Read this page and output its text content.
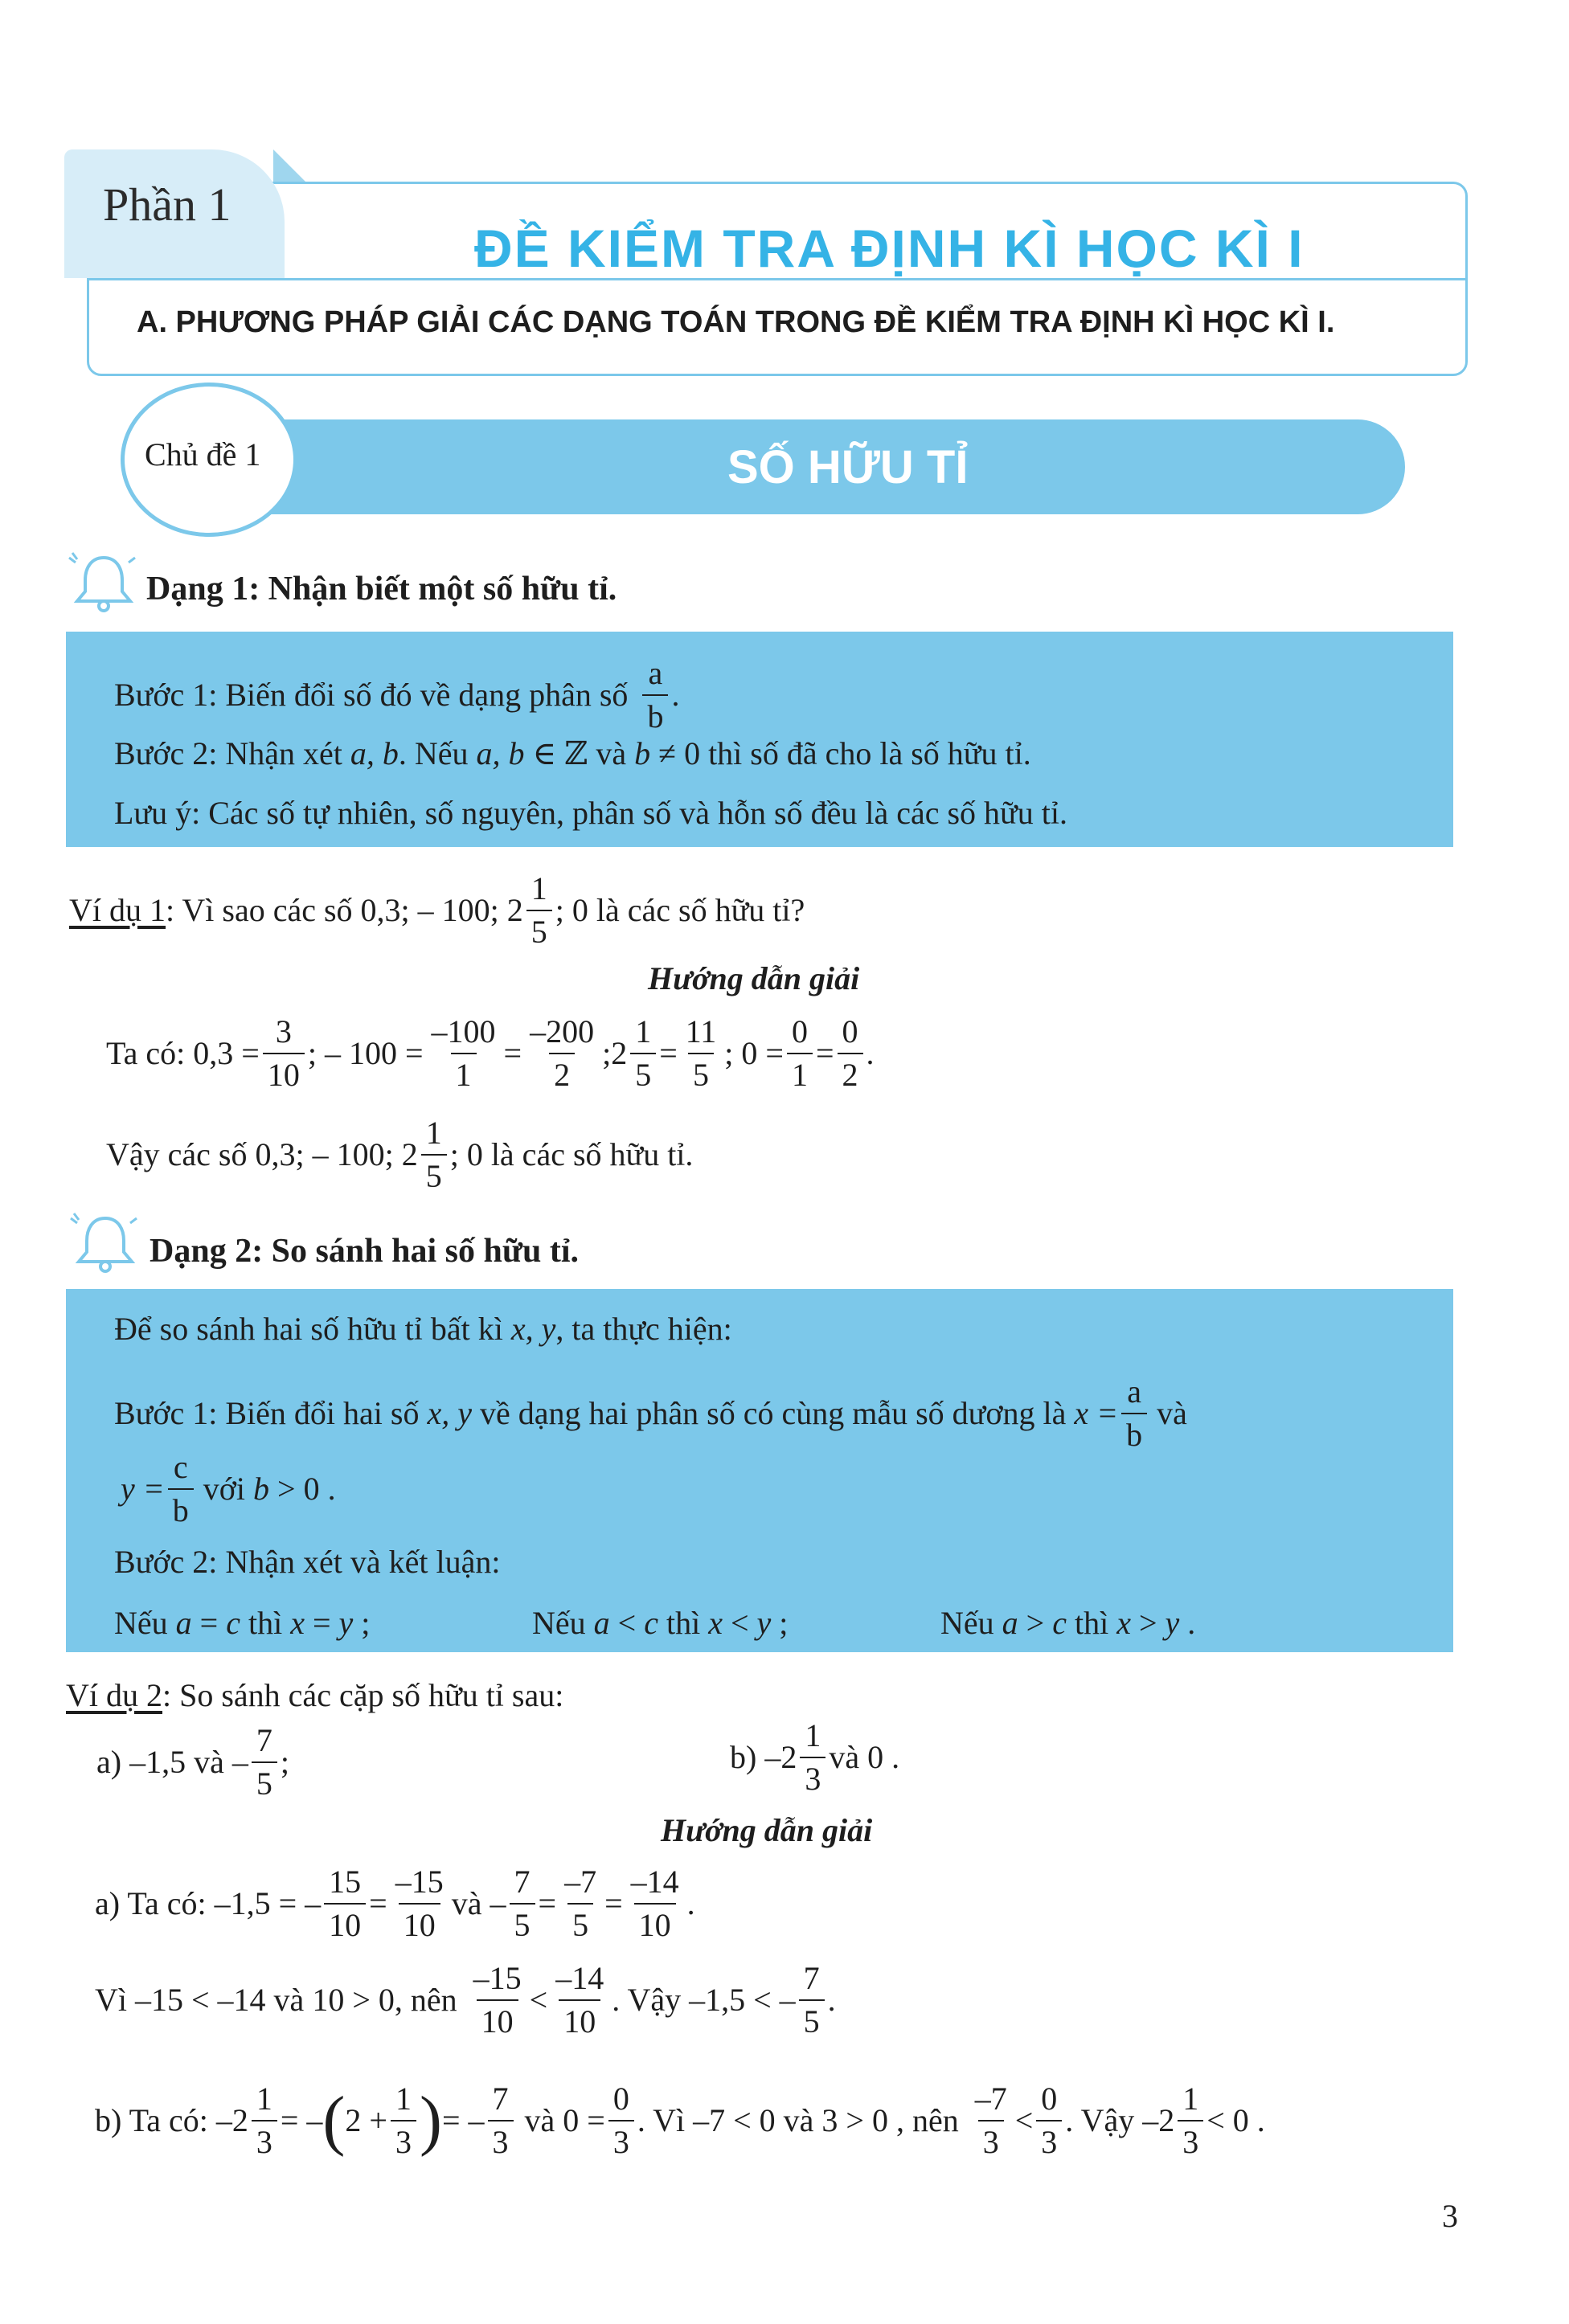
Phần 1
ĐỀ KIỂM TRA ĐỊNH KÌ HỌC KÌ I
A. PHƯƠNG PHÁP GIẢI CÁC DẠNG TOÁN TRONG ĐỀ KIỂM TRA ĐỊNH KÌ HỌC KÌ I.
Chủ đề 1	SỐ HỮU TỈ
Dạng 1: Nhận biết một số hữu tỉ.
Bước 1: Biến đổi số đó về dạng phân số $\frac{a}{b}$ .
Bước 2: Nhận xét a, b. Nếu a, b ∈ ℤ và b ≠ 0 thì số đã cho là số hữu tỉ.
Lưu ý: Các số tự nhiên, số nguyên, phân số và hỗn số đều là các số hữu tỉ.
Ví dụ 1 : Vì sao các số 0,3; – 100; $2 \frac{1}{5}$ ; 0 là các số hữu tỉ?
Hướng dẫn giải
Ta có: $0,3 = \frac{3}{10}$ ; – $100 = \frac{-100}{1} = \frac{-200}{2}$ ; $2 \frac{1}{5} = \frac{11}{5}$ ; $0 = \frac{0}{1} = \frac{0}{2}$ .
Vậy các số 0,3; – 100; $2 \frac{1}{5}$ ; 0 là các số hữu tỉ.
Dạng 2: So sánh hai số hữu tỉ.
Để so sánh hai số hữu tỉ bất kì x, y, ta thực hiện:
Bước 1: Biến đổi hai số x, y về dạng hai phân số có cùng mẫu số dương là $x = \frac{a}{b}$ và
$y = \frac{c}{b}$ với b > 0 .
Bước 2: Nhận xét và kết luận:
Nếu a = c thì x = y ;	Nếu a < c thì x < y ;	Nếu a > c thì x > y .
Ví dụ 2: So sánh các cặp số hữu tỉ sau:
a) –1,5 và – $\frac{7}{5}$ ;	$b) - 2 \frac{1}{3}$ và 0 .
Hướng dẫn giải
a) Ta có: –1,5 = – $\frac{15}{10} = \frac{-15}{10}$ và – $\frac{7}{5} = \frac{-7}{5} = \frac{-14}{10}$ .
Vì –15 < –14 và 10 > 0, nên $\frac{-15}{10} < \frac{-14}{10}$ . Vậy –1,5 < – $\frac{7}{5}$ .
b) Ta có: – $2 \frac{1}{3}$ = – ( $2 + \frac{1}{3}$ ) = – $\frac{7}{3}$ và $0 = \frac{0}{3}$ . Vì –7 < 0 và 3 > 0 , nên $\frac{-7}{3} < \frac{0}{3}$ . Vậy – $2 \frac{1}{3} < 0$ .
3
